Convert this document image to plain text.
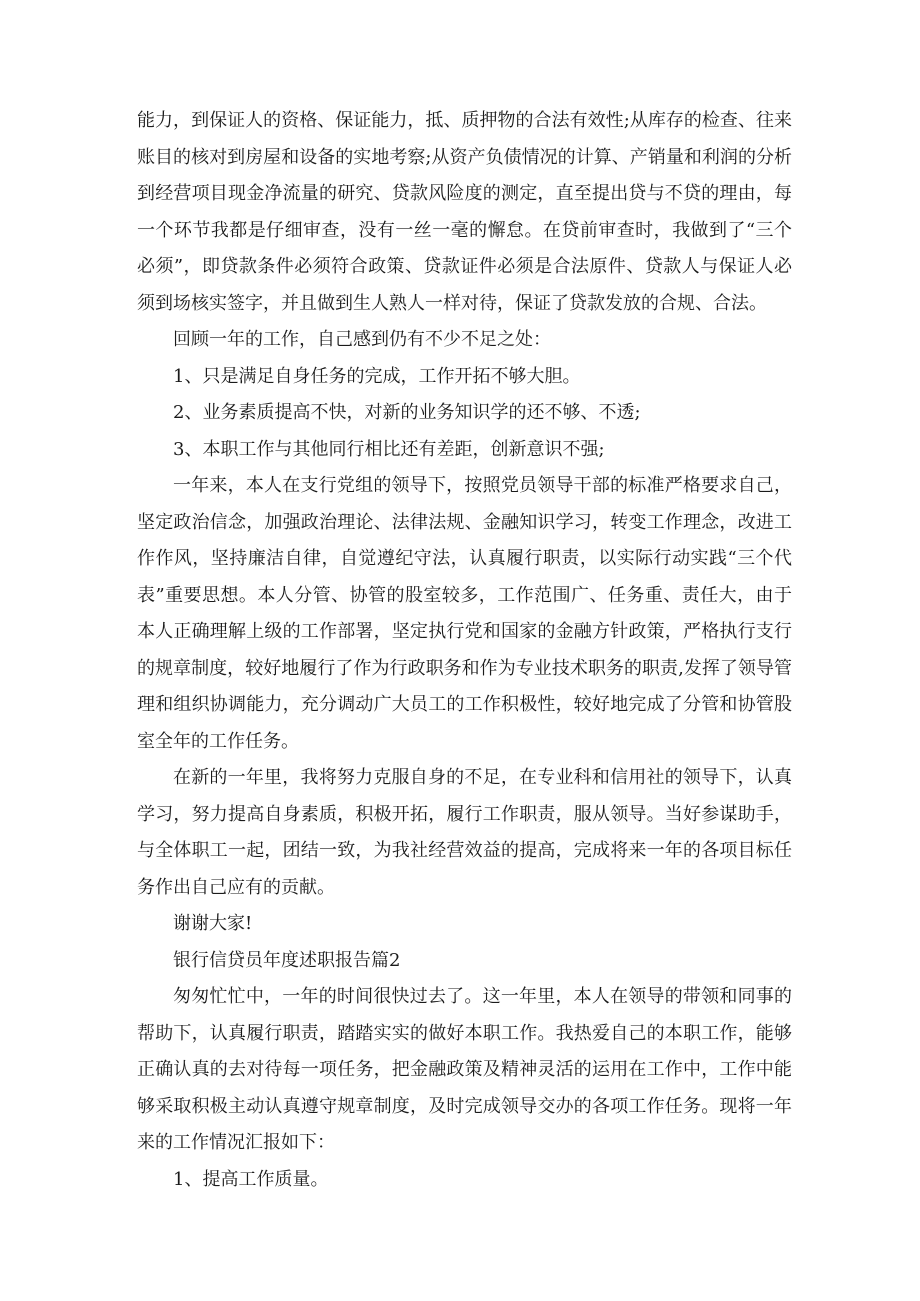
能力，到保证人的资格、保证能力，抵、质押物的合法有效性;从库存的检查、往来账目的核对到房屋和设备的实地考察;从资产负债情况的计算、产销量和利润的分析到经营项目现金净流量的研究、贷款风险度的测定，直至提出贷与不贷的理由，每一个环节我都是仔细审查，没有一丝一毫的懈怠。在贷前审查时，我做到了“三个必须”，即贷款条件必须符合政策、贷款证件必须是合法原件、贷款人与保证人必须到场核实签字，并且做到生人熟人一样对待，保证了贷款发放的合规、合法。

回顾一年的工作，自己感到仍有不少不足之处：

1、只是满足自身任务的完成，工作开拓不够大胆。

2、业务素质提高不快，对新的业务知识学的还不够、不透;

3、本职工作与其他同行相比还有差距，创新意识不强;

一年来，本人在支行党组的领导下，按照党员领导干部的标准严格要求自己，坚定政治信念，加强政治理论、法律法规、金融知识学习，转变工作理念，改进工作作风，坚持廉洁自律，自觉遵纪守法，认真履行职责，以实际行动实践“三个代表”重要思想。本人分管、协管的股室较多，工作范围广、任务重、责任大，由于本人正确理解上级的工作部署，坚定执行党和国家的金融方针政策，严格执行支行的规章制度，较好地履行了作为行政职务和作为专业技术职务的职责,发挥了领导管理和组织协调能力，充分调动广大员工的工作积极性，较好地完成了分管和协管股室全年的工作任务。

在新的一年里，我将努力克服自身的不足，在专业科和信用社的领导下，认真学习，努力提高自身素质，积极开拓，履行工作职责，服从领导。当好参谋助手，与全体职工一起，团结一致，为我社经营效益的提高，完成将来一年的各项目标任务作出自己应有的贡献。

谢谢大家!

银行信贷员年度述职报告篇2

匆匆忙忙中，一年的时间很快过去了。这一年里，本人在领导的带领和同事的帮助下，认真履行职责，踏踏实实的做好本职工作。我热爱自己的本职工作，能够正确认真的去对待每一项任务，把金融政策及精神灵活的运用在工作中，工作中能够采取积极主动认真遵守规章制度，及时完成领导交办的各项工作任务。现将一年来的工作情况汇报如下：

1、提高工作质量。
